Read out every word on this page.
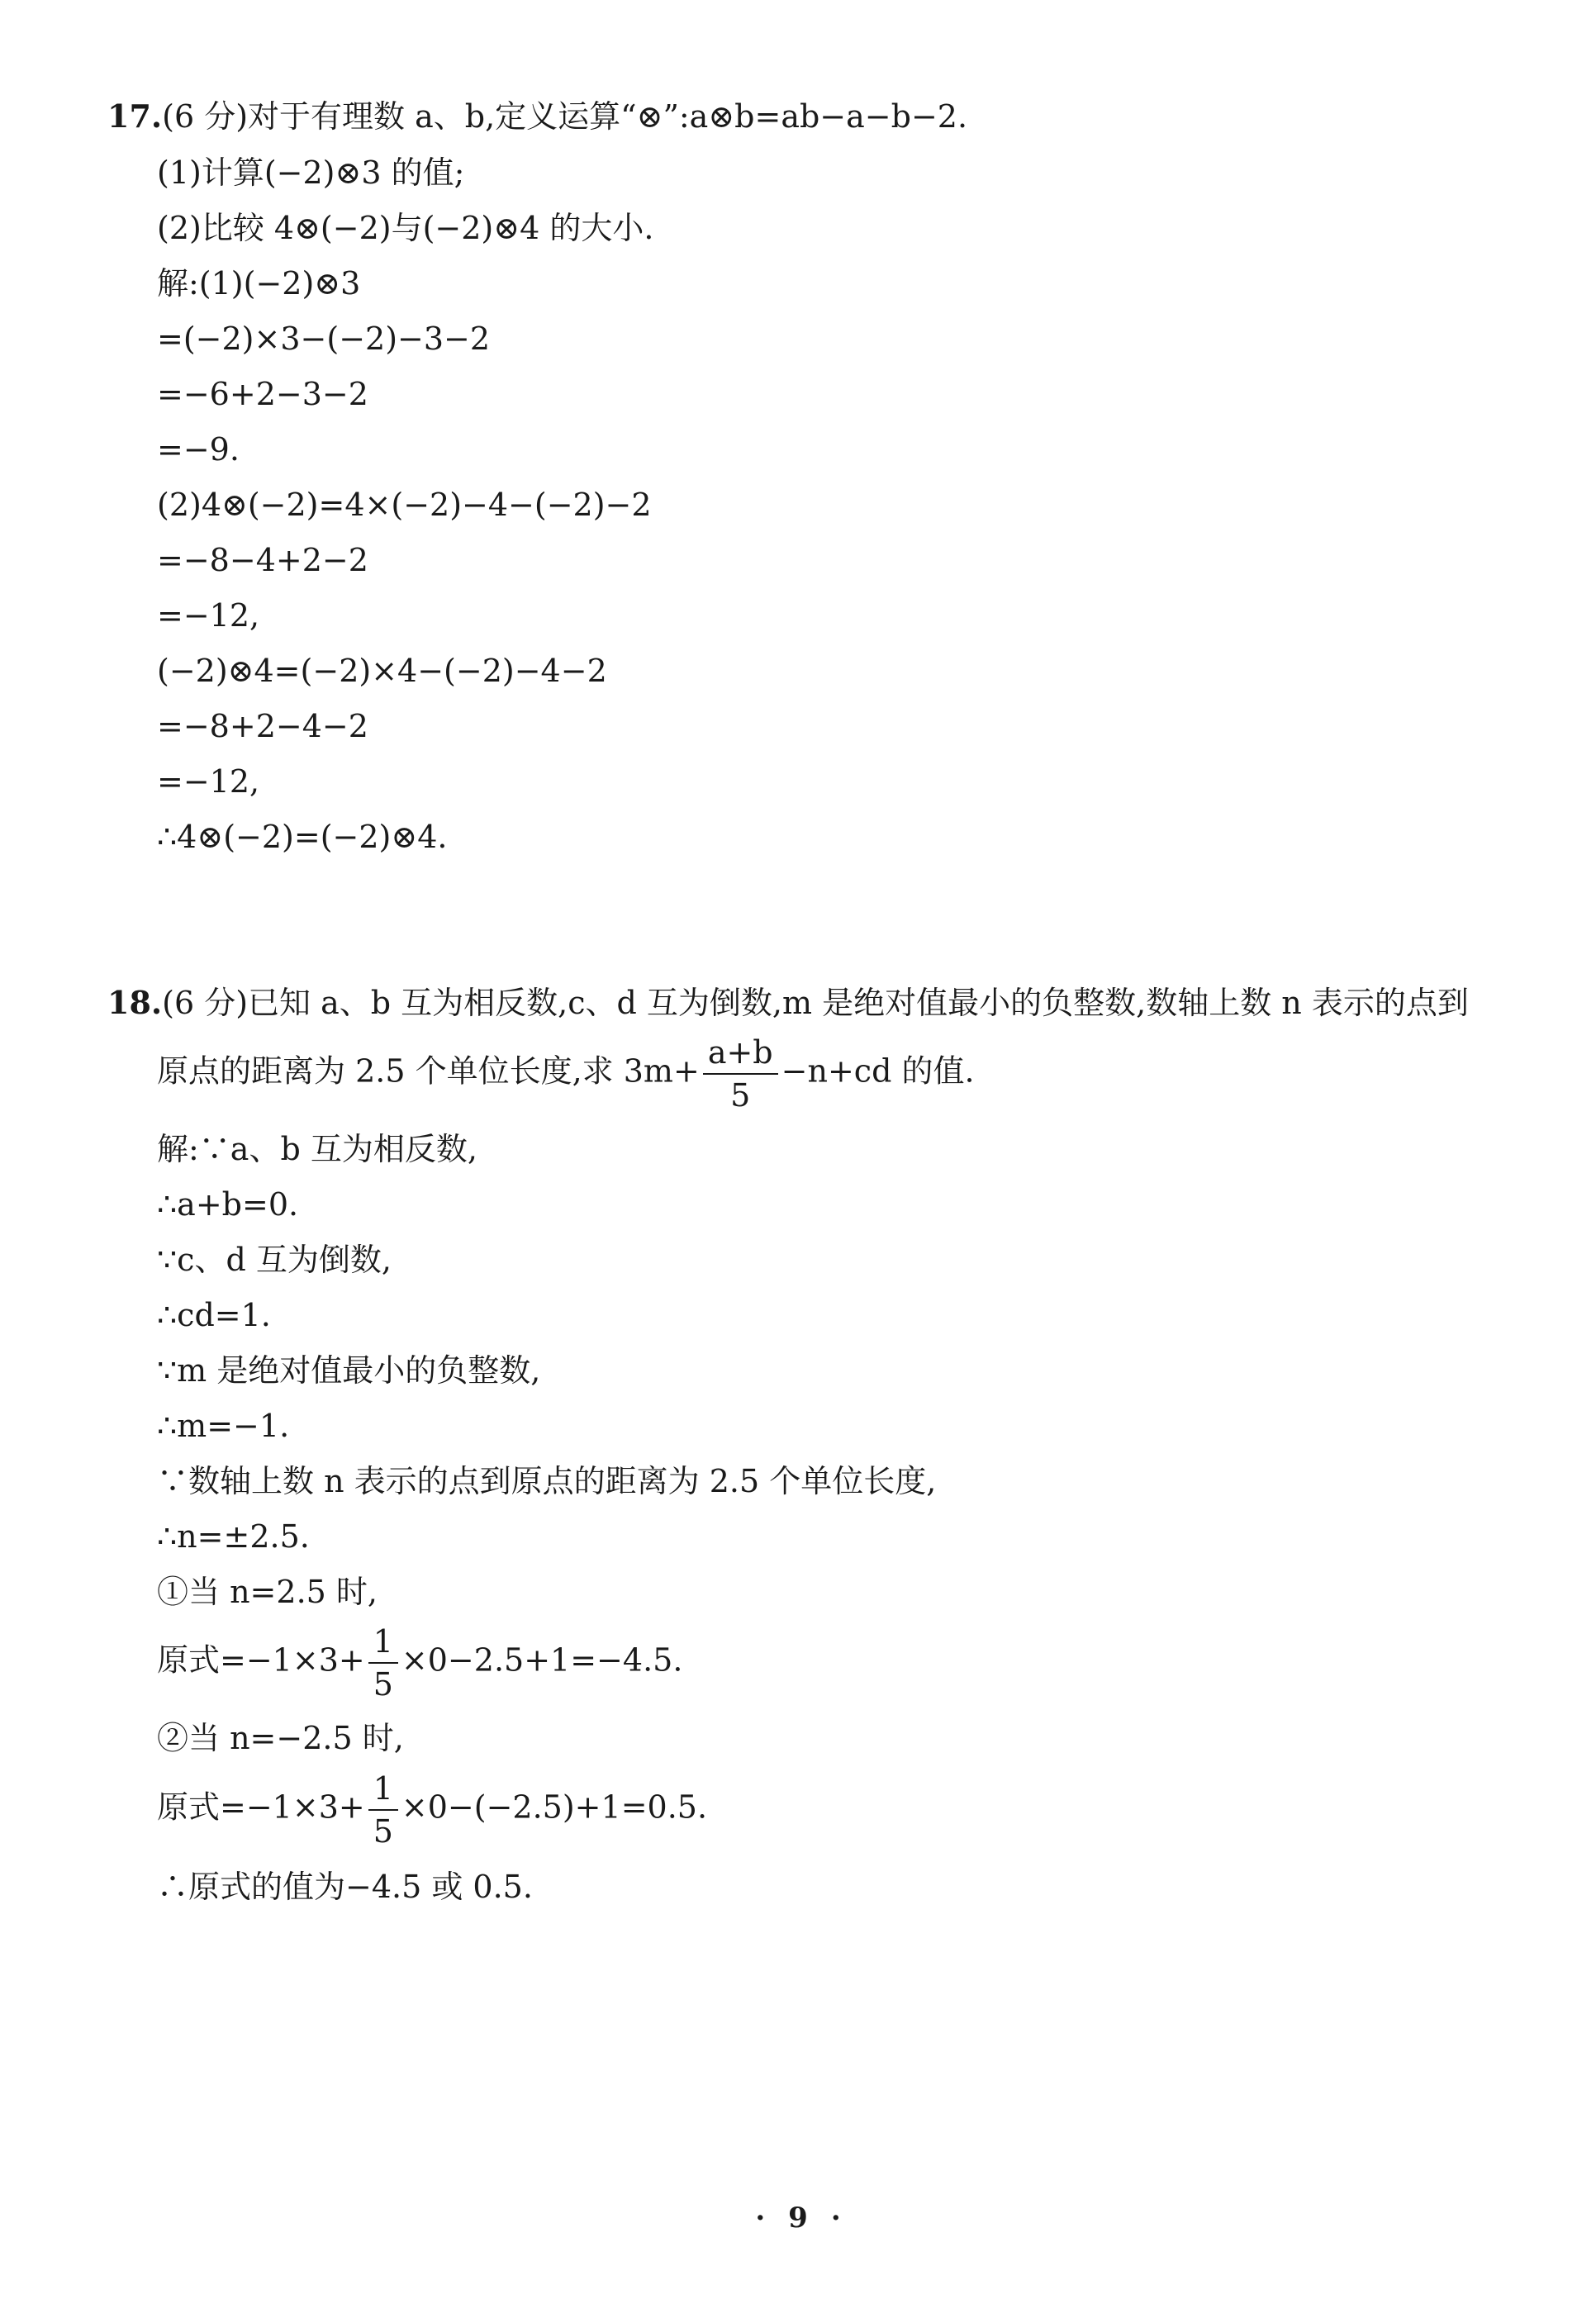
17.(6 分)对于有理数 a、b,定义运算“⊗”:a⊗b=ab−a−b−2.
(1)计算(−2)⊗3 的值;
(2)比较 4⊗(−2)与(−2)⊗4 的大小.
解:(1)(−2)⊗3
=(−2)×3−(−2)−3−2
=−6+2−3−2
=−9.
(2)4⊗(−2)=4×(−2)−4−(−2)−2
=−8−4+2−2
=−12,
(−2)⊗4=(−2)×4−(−2)−4−2
=−8+2−4−2
=−12,
∴4⊗(−2)=(−2)⊗4.
18.(6 分)已知 a、b 互为相反数,c、d 互为倒数,m 是绝对值最小的负整数,数轴上数 n 表示的点到
原点的距离为 2.5 个单位长度,求 $3m+ \frac{a+b}{5} -n+cd$ 的值.
解:∵a、b 互为相反数,
∴a+b=0.
∵c、d 互为倒数,
∴cd=1.
∵m 是绝对值最小的负整数,
∴m=−1.
∵数轴上数 n 表示的点到原点的距离为 2.5 个单位长度,
∴n=±2.5.
①当 n=2.5 时,
原式$=-1\times 3+ \frac{1}{5} \times 0-2.5+1=-4.5$.
②当 n=−2.5 时,
原式$=-1\times 3+ \frac{1}{5} \times 0-(-2.5)+1=0.5$.
∴原式的值为−4.5 或 0.5.
· 9 ·
